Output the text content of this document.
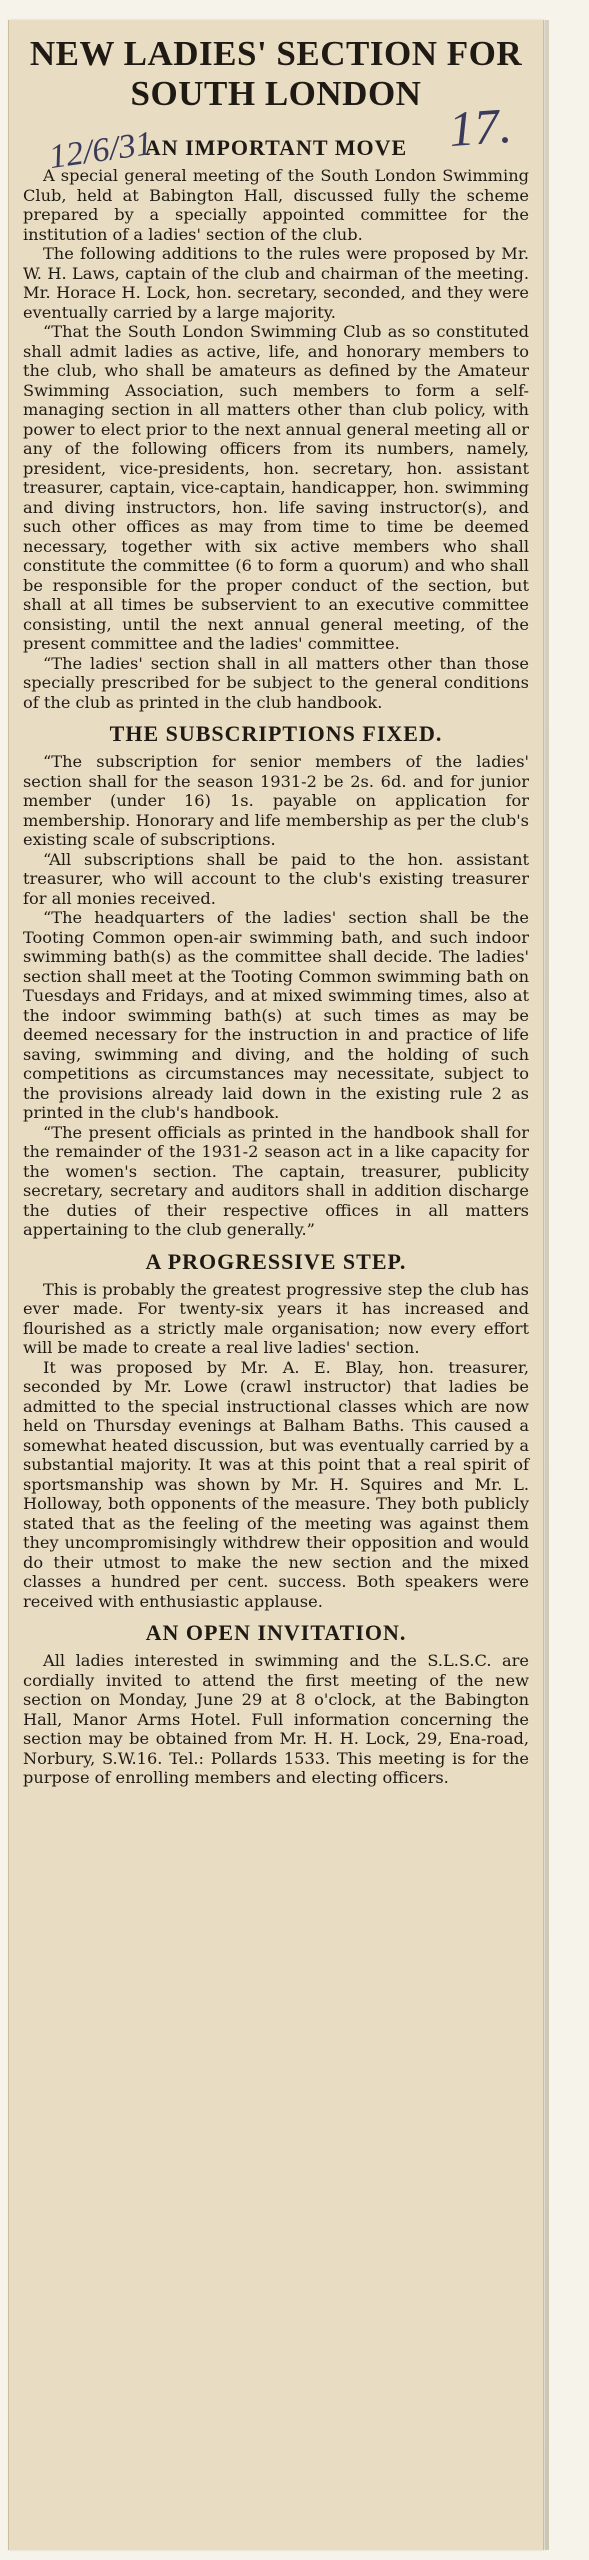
NEW LADIES' SECTION FOR
SOUTH LONDON
AN IMPORTANT MOVE

A special general meeting of the South London Swimming Club, held at Babington Hall, discussed fully the scheme prepared by a specially appointed committee for the institution of a ladies' section of the club.

The following additions to the rules were proposed by Mr. W. H. Laws, captain of the club and chairman of the meeting. Mr. Horace H. Lock, hon. secretary, seconded, and they were eventually carried by a large majority.

“That the South London Swimming Club as so constituted shall admit ladies as active, life, and honorary members to the club, who shall be amateurs as defined by the Amateur Swimming Association, such members to form a self-managing section in all matters other than club policy, with power to elect prior to the next annual general meeting all or any of the following officers from its numbers, namely, president, vice-presidents, hon. secretary, hon. assistant treasurer, captain, vice-captain, handicapper, hon. swimming and diving instructors, hon. life saving instructor(s), and such other offices as may from time to time be deemed necessary, together with six active members who shall constitute the committee (6 to form a quorum) and who shall be responsible for the proper conduct of the section, but shall at all times be subservient to an executive committee consisting, until the next annual general meeting, of the present committee and the ladies' committee.

“The ladies' section shall in all matters other than those specially prescribed for be subject to the general conditions of the club as printed in the club handbook.

THE SUBSCRIPTIONS FIXED.

“The subscription for senior members of the ladies' section shall for the season 1931-2 be 2s. 6d. and for junior member (under 16) 1s. payable on application for membership. Honorary and life membership as per the club's existing scale of subscriptions.

“All subscriptions shall be paid to the hon. assistant treasurer, who will account to the club's existing treasurer for all monies received.

“The headquarters of the ladies' section shall be the Tooting Common open-air swimming bath, and such indoor swimming bath(s) as the committee shall decide. The ladies' section shall meet at the Tooting Common swimming bath on Tuesdays and Fridays, and at mixed swimming times, also at the indoor swimming bath(s) at such times as may be deemed necessary for the instruction in and practice of life saving, swimming and diving, and the holding of such competitions as circumstances may necessitate, subject to the provisions already laid down in the existing rule 2 as printed in the club's handbook.

“The present officials as printed in the handbook shall for the remainder of the 1931-2 season act in a like capacity for the women's section. The captain, treasurer, publicity secretary, secretary and auditors shall in addition discharge the duties of their respective offices in all matters appertaining to the club generally.”

A PROGRESSIVE STEP.

This is probably the greatest progressive step the club has ever made. For twenty-six years it has increased and flourished as a strictly male organisation; now every effort will be made to create a real live ladies' section.

It was proposed by Mr. A. E. Blay, hon. treasurer, seconded by Mr. Lowe (crawl instructor) that ladies be admitted to the special instructional classes which are now held on Thursday evenings at Balham Baths. This caused a somewhat heated discussion, but was eventually carried by a substantial majority. It was at this point that a real spirit of sportsmanship was shown by Mr. H. Squires and Mr. L. Holloway, both opponents of the measure. They both publicly stated that as the feeling of the meeting was against them they uncompromisingly withdrew their opposition and would do their utmost to make the new section and the mixed classes a hundred per cent. success. Both speakers were received with enthusiastic applause.

AN OPEN INVITATION.

All ladies interested in swimming and the S.L.S.C. are cordially invited to attend the first meeting of the new section on Monday, June 29 at 8 o'clock, at the Babington Hall, Manor Arms Hotel. Full information concerning the section may be obtained from Mr. H. H. Lock, 29, Ena-road, Norbury, S.W.16. Tel.: Pollards 1533. This meeting is for the purpose of enrolling members and electing officers.

12/6/31	17.
